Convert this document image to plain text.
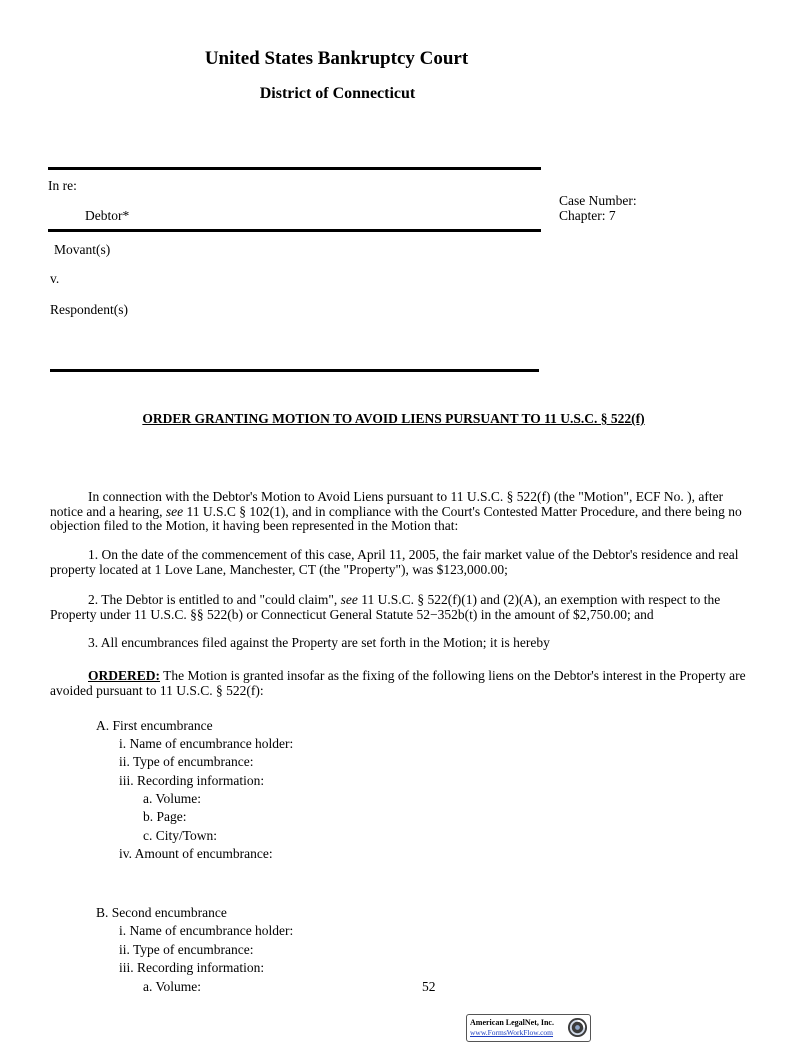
United States Bankruptcy Court
District of Connecticut
In re:
Debtor*
Movant(s)
v.
Respondent(s)
Case Number:
Chapter: 7
ORDER GRANTING MOTION TO AVOID LIENS PURSUANT TO 11 U.S.C. § 522(f)
In connection with the Debtor's Motion to Avoid Liens pursuant to 11 U.S.C. § 522(f) (the "Motion", ECF No. ), after notice and a hearing, see 11 U.S.C § 102(1), and in compliance with the Court's Contested Matter Procedure, and there being no objection filed to the Motion, it having been represented in the Motion that:
1. On the date of the commencement of this case, April 11, 2005, the fair market value of the Debtor's residence and real property located at 1 Love Lane, Manchester, CT (the "Property"), was $123,000.00;
2. The Debtor is entitled to and "could claim", see 11 U.S.C. § 522(f)(1) and (2)(A), an exemption with respect to the Property under 11 U.S.C. §§ 522(b) or Connecticut General Statute 52−352b(t) in the amount of $2,750.00; and
3. All encumbrances filed against the Property are set forth in the Motion; it is hereby
ORDERED: The Motion is granted insofar as the fixing of the following liens on the Debtor's interest in the Property are avoided pursuant to 11 U.S.C. § 522(f):
A. First encumbrance
i. Name of encumbrance holder:
ii. Type of encumbrance:
iii. Recording information:
a. Volume:
b. Page:
c. City/Town:
iv. Amount of encumbrance:
B. Second encumbrance
i. Name of encumbrance holder:
ii. Type of encumbrance:
iii. Recording information:
a. Volume:	52
American LegalNet, Inc.
www.FormsWorkFlow.com
